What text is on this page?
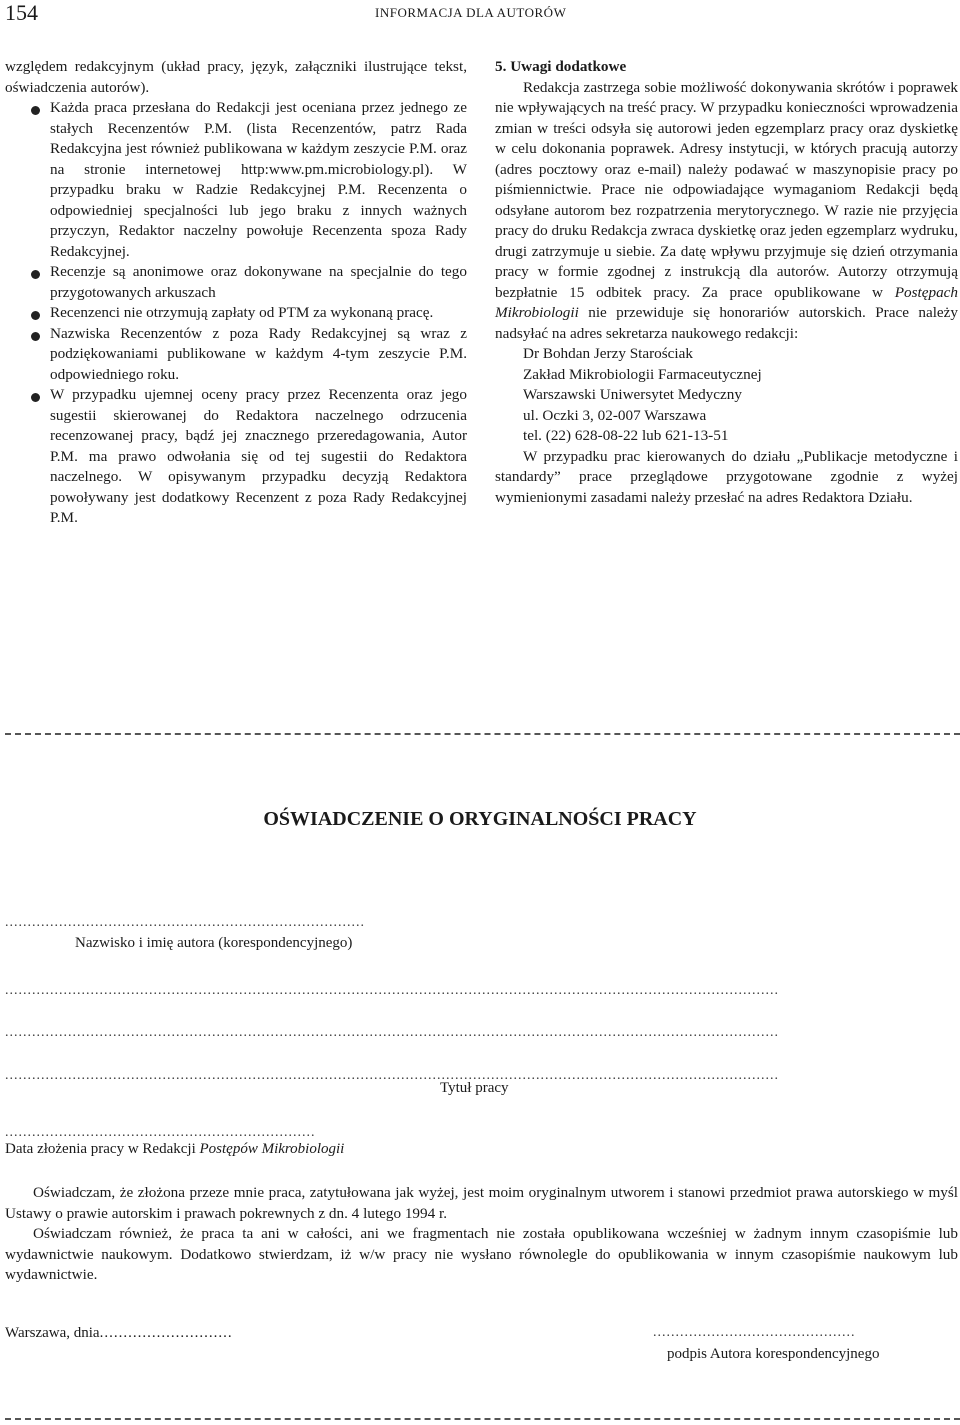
154	INFORMACJA DLA AUTORÓW

względem redakcyjnym (układ pracy, język, załączniki ilustrujące tekst, oświadczenia autorów).

Każda praca przesłana do Redakcji jest oceniana przez jednego ze stałych Recenzentów P.M. (lista Recenzentów, patrz Rada Redakcyjna jest również publikowana w każdym zeszycie P.M. oraz na stronie internetowej http:www.pm.microbiology.pl). W przypadku braku w Radzie Redakcyjnej P.M. Recenzenta o odpowiedniej specjalności lub jego braku z innych ważnych przyczyn, Redaktor naczelny powołuje Recenzenta spoza Rady Redakcyjnej.

Recenzje są anonimowe oraz dokonywane na specjalnie do tego przygotowanych arkuszach

Recenzenci nie otrzymują zapłaty od PTM za wykonaną pracę.

Nazwiska Recenzentów z poza Rady Redakcyjnej są wraz z podziękowaniami publikowane w każdym 4-tym zeszycie P.M. odpowiedniego roku.

W przypadku ujemnej oceny pracy przez Recenzenta oraz jego sugestii skierowanej do Redaktora naczelnego odrzucenia recenzowanej pracy, bądź jej znacznego przeredagowania, Autor P.M. ma prawo odwołania się od tej sugestii do Redaktora naczelnego. W opisywanym przypadku decyzją Redaktora powoływany jest dodatkowy Recenzent z poza Rady Redakcyjnej P.M.

5. Uwagi dodatkowe

Redakcja zastrzega sobie możliwość dokonywania skrótów i poprawek nie wpływających na treść pracy. W przypadku konieczności wprowadzenia zmian w treści odsyła się autorowi jeden egzemplarz pracy oraz dyskietkę w celu dokonania poprawek. Adresy instytucji, w których pracują autorzy (adres pocztowy oraz e-mail) należy podawać w maszynopisie pracy po piśmiennictwie. Prace nie odpowiadające wymaganiom Redakcji będą odsyłane autorom bez rozpatrzenia merytorycznego. W razie nie przyjęcia pracy do druku Redakcja zwraca dyskietkę oraz jeden egzemplarz wydruku, drugi zatrzymuje u siebie. Za datę wpływu przyjmuje się dzień otrzymania pracy w formie zgodnej z instrukcją dla autorów. Autorzy otrzymują bezpłatnie 15 odbitek pracy. Za prace opublikowane w Postępach Mikrobiologii nie przewiduje się honorariów autorskich. Prace należy nadsyłać na adres sekretarza naukowego redakcji:

Dr Bohdan Jerzy Starościak

Zakład Mikrobiologii Farmaceutycznej

Warszawski Uniwersytet Medyczny

ul. Oczki 3, 02-007 Warszawa

tel. (22) 628-08-22 lub 621-13-51

W przypadku prac kierowanych do działu „Publikacje metodyczne i standardy” prace przeglądowe przygotowane zgodnie z wyżej wymienionymi zasadami należy przesłać na adres Redaktora Działu.

OŚWIADCZENIE O ORYGINALNOŚCI PRACY
................................................................................
Nazwisko i imię autora (korespondencyjnego)
............................................................................................................................................................................
............................................................................................................................................................................
............................................................................................................................................................................
Tytuł pracy
.....................................................................
Data złożenia pracy w Redakcji Postępów Mikrobiologii

Oświadczam, że złożona przeze mnie praca, zatytułowana jak wyżej, jest moim oryginalnym utworem i stanowi przedmiot prawa autorskiego w myśl Ustawy o prawie autorskim i prawach pokrewnych z dn. 4 lutego 1994 r.

Oświadczam również, że praca ta ani w całości, ani we fragmentach nie została opublikowana wcześniej w żadnym innym czasopiśmie lub wydawnictwie naukowym. Dodatkowo stwierdzam, iż w/w pracy nie wysłano równolegle do opublikowania w innym czasopiśmie naukowym lub wydawnictwie.

Warszawa, dnia............................	.............................................
podpis Autora korespondencyjnego
